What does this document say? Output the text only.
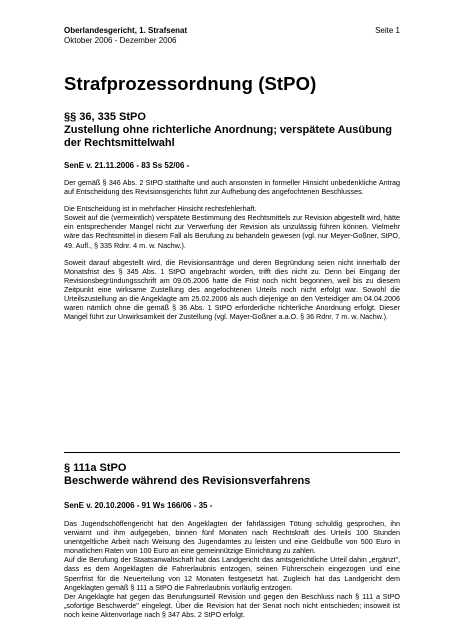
Oberlandesgericht, 1. Strafsenat	Seite 1
Oktober 2006 - Dezember 2006
Strafprozessordnung (StPO)
§§ 36, 335 StPO
Zustellung ohne richterliche Anordnung; verspätete Ausübung der Rechtsmittelwahl
SenE v. 21.11.2006 - 83 Ss 52/06 -

Der gemäß § 346 Abs. 2 StPO statthafte und auch ansonsten in formeller Hinsicht unbedenkliche Antrag auf Entscheidung des Revisionsgerichts führt zur Aufhebung des angefochtenen Beschlusses.

Die Entscheidung ist in mehrfacher Hinsicht rechtsfehlerhaft.

Soweit auf die (vermeintlich) verspätete Bestimmung des Rechtsmittels zur Revision abgestellt wird, hätte ein entsprechender Mangel nicht zur Verwerfung der Revision als unzulässig führen können. Vielmehr wäre das Rechtsmittel in diesem Fall als Berufung zu behandeln gewesen (vgl. nur Meyer-Goßner, StPO, 49. Aufl., § 335 Rdnr. 4 m. w. Nachw.).

Soweit darauf abgestellt wird, die Revisionsanträge und deren Begründung seien nicht innerhalb der Monatsfrist des § 345 Abs. 1 StPO angebracht worden, trifft dies nicht zu. Denn bei Eingang der Revisionsbegründungsschrift am 09.05.2006 hatte die Frist noch nicht begonnen, weil bis zu diesem Zeitpunkt eine wirksame Zustellung des angefochtenen Urteils noch nicht erfolgt war. Sowohl die Urteilszustellung an die Angeklagte am 25.02.2006 als auch diejenige an den Verteidiger am 04.04.2006 waren nämlich ohne die gemäß § 36 Abs. 1 StPO erforderliche richterliche Anordnung erfolgt. Dieser Mangel führt zur Unwirksamkeit der Zustellung (vgl. Mayer-Goßner a.a.O. § 36 Rdnr. 7 m. w. Nachw.).

§ 111a StPO
Beschwerde während des Revisionsverfahrens
SenE v. 20.10.2006 - 91 Ws 166/06 - 35 -

Das Jugendschöffengericht hat den Angeklagten der fahrlässigen Tötung schuldig gesprochen, ihn verwarnt und ihm aufgegeben, binnen fünf Monaten nach Rechtskraft des Urteils 100 Stunden unentgeltliche Arbeit nach Weisung des Jugendamtes zu leisten und eine Geldbuße von 500 Euro in monatlichen Raten von 100 Euro an eine gemeinnützige Einrichtung zu zahlen.

Auf die Berufung der Staatsanwaltschaft hat das Landgericht das amtsgerichtliche Urteil dahin „ergänzt", dass es dem Angeklagten die Fahrerlaubnis entzogen, seinen Führerschein eingezogen und eine Sperrfrist für die Neuerteilung von 12 Monaten festgesetzt hat. Zugleich hat das Landgericht dem Angeklagten gemäß § 111 a StPO die Fahrerlaubnis vorläufig entzogen.

Der Angeklagte hat gegen das Berufungsurteil Revision und gegen den Beschluss nach § 111 a StPO „sofortige Beschwerde" eingelegt. Über die Revision hat der Senat noch nicht entschieden; insoweit ist noch keine Aktenvorlage nach § 347 Abs. 2 StPO erfolgt.
